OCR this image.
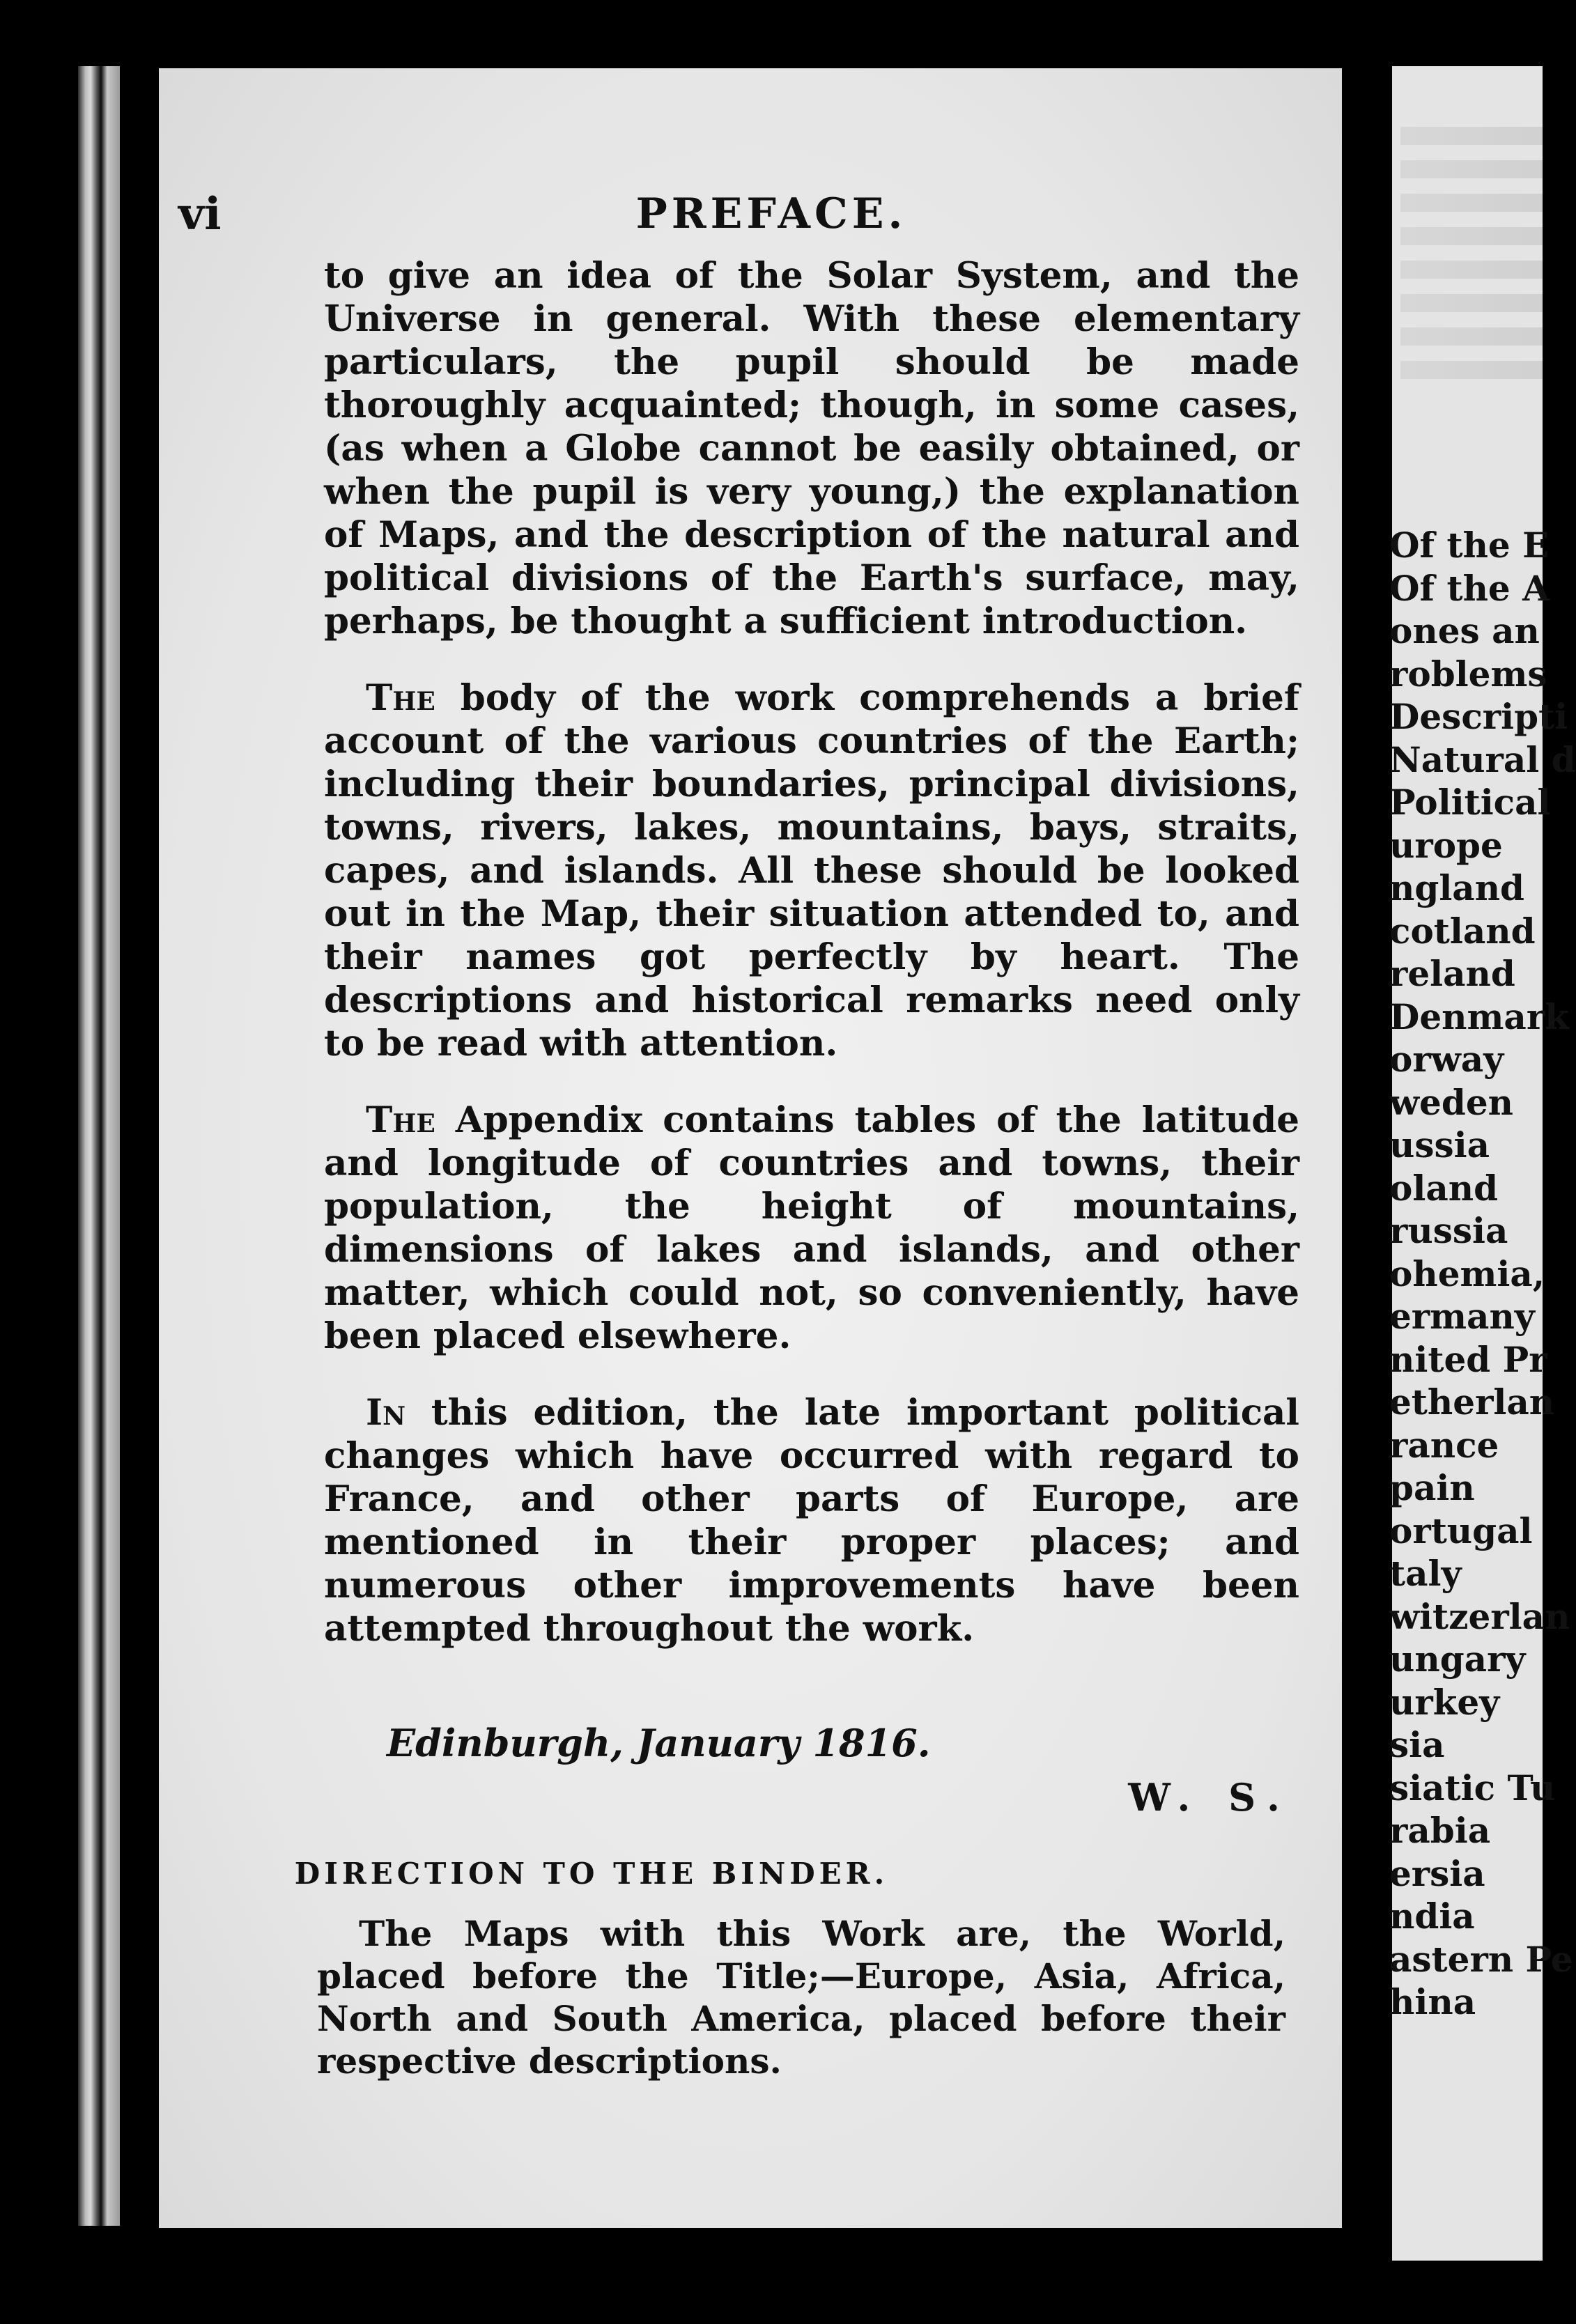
vi	PREFACE.

to give an idea of the Solar System, and the Universe in general. With these elementary particulars, the pupil should be made thoroughly acquainted; though, in some cases, (as when a Globe cannot be easily obtained, or when the pupil is very young,) the explanation of Maps, and the description of the natural and political divisions of the Earth's surface, may, perhaps, be thought a sufficient introduction.

The body of the work comprehends a brief account of the various countries of the Earth; including their boundaries, principal divisions, towns, rivers, lakes, mountains, bays, straits, capes, and islands. All these should be looked out in the Map, their situation attended to, and their names got perfectly by heart. The descriptions and historical remarks need only to be read with attention.

The Appendix contains tables of the latitude and longitude of countries and towns, their population, the height of mountains, dimensions of lakes and islands, and other matter, which could not, so conveniently, have been placed elsewhere.

In this edition, the late important political changes which have occurred with regard to France, and other parts of Europe, are mentioned in their proper places; and numerous other improvements have been attempted throughout the work.

Edinburgh, January 1816.
W. S.
DIRECTION TO THE BINDER.

The Maps with this Work are, the World, placed before the Title;—Europe, Asia, Africa, North and South America, placed before their respective descriptions.

Of the E
Of the A
ones an
roblems
Descripti
Natural d
Political
urope
ngland
cotland
reland
Denmark
orway
weden
ussia
oland
russia
ohemia,
ermany
nited Pr
etherlan
rance
pain
ortugal
taly
witzerlan
ungary
urkey
sia
siatic Tu
rabia
ersia
ndia
astern Pe
hina
